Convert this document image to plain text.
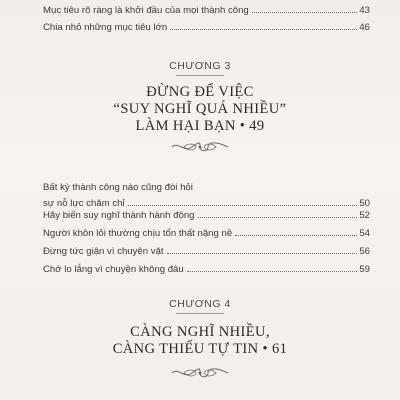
Mục tiêu rõ ràng là khởi đầu của mọi thành công	43
Chia nhỏ những mục tiêu lớn	46
CHƯƠNG 3
ĐỪNG ĐỂ VIỆC
“SUY NGHĨ QUÁ NHIỀU”
LÀM HẠI BẠN • 49
Bất kỳ thành công nào cũng đòi hỏi
sự nỗ lực chăm chỉ	50
Hãy biến suy nghĩ thành hành động	52
Người khôn lỏi thường chịu tổn thất nặng nề	54
Đừng tức giận vì chuyện vặt	56
Chớ lo lắng vì chuyện không đâu	59
CHƯƠNG 4
CÀNG NGHĨ NHIỀU,
CÀNG THIẾU TỰ TIN • 61
